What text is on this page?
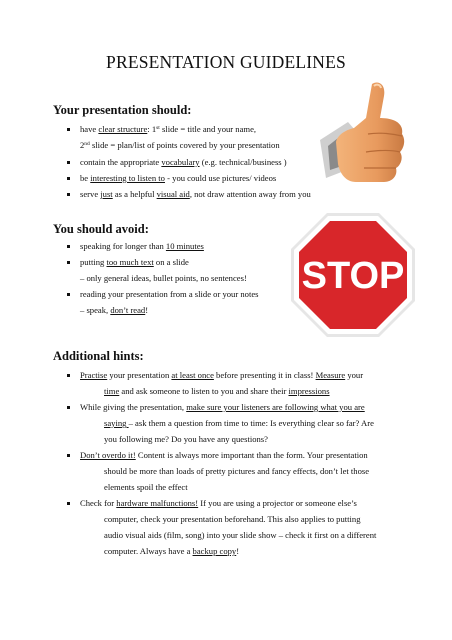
PRESENTATION GUIDELINES
Your presentation should:
have clear structure: 1st slide = title and your name,
2nd slide = plan/list of points covered by your presentation
contain the appropriate vocabulary (e.g. technical/business )
be interesting to listen to - you could use pictures/ videos
serve just as a helpful visual aid, not draw attention away from you
You should avoid:
speaking for longer than 10 minutes
putting too much text on a slide
– only general ideas, bullet points, no sentences!
reading your presentation from a slide or your notes
– speak, don’t read!
STOP
Additional hints:
Practise your presentation at least once before presenting it in class! Measure your
time and ask someone to listen to you and share their impressions
While giving the presentation, make sure your listeners are following what you are
saying – ask them a question from time to time: Is everything clear so far? Are
you following me? Do you have any questions?
Don’t overdo it! Content is always more important than the form. Your presentation
should be more than loads of pretty pictures and fancy effects, don’t let those
elements spoil the effect
Check for hardware malfunctions! If you are using a projector or someone else’s
computer, check your presentation beforehand. This also applies to putting
audio visual aids (film, song) into your slide show – check it first on a different
computer. Always have a backup copy!
